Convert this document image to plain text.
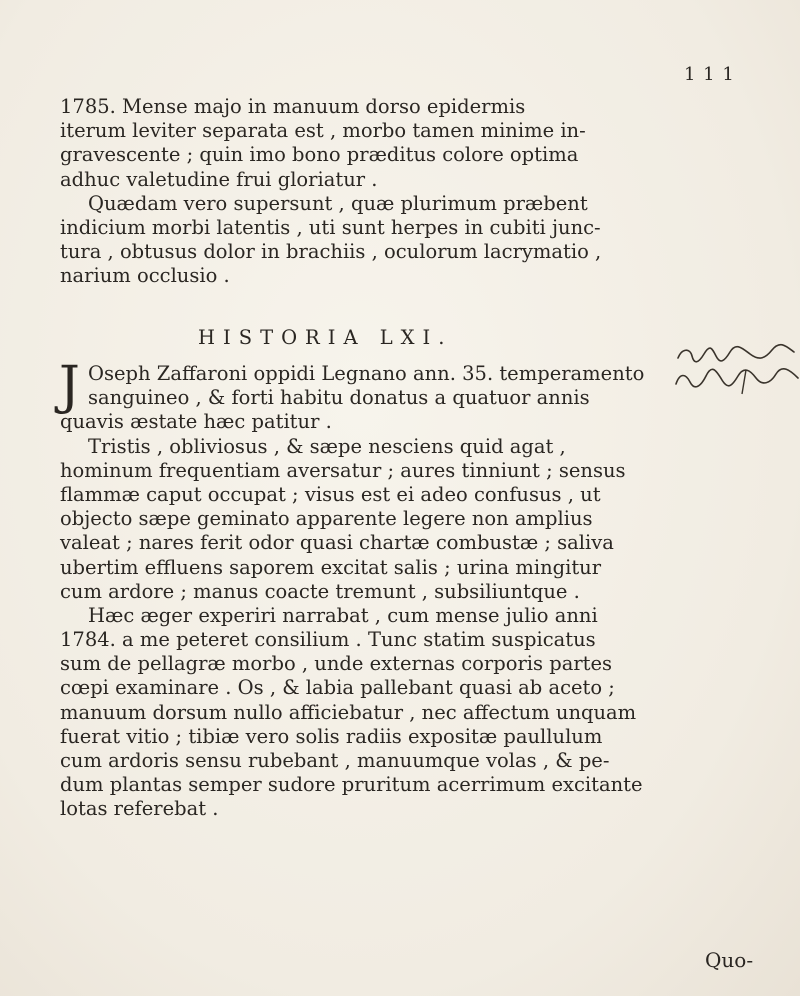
1 1 1
1785. Mense majo in manuum dorso epidermis
iterum leviter separata est , morbo tamen minime in-
gravescente ; quin imo bono præditus colore optima
adhuc valetudine frui gloriatur .
Quædam vero supersunt , quæ plurimum præbent
indicium morbi latentis , uti sunt herpes in cubiti junc-
tura , obtusus dolor in brachiis , oculorum lacrymatio ,
narium occlusio .
HISTORIA LXI.
J Oseph Zaffaroni oppidi Legnano ann. 35. temperamento
sanguineo , & forti habitu donatus a quatuor annis
quavis æstate hæc patitur .
Tristis , obliviosus , & sæpe nesciens quid agat ,
hominum frequentiam aversatur ; aures tinniunt ; sensus
flammæ caput occupat ; visus est ei adeo confusus , ut
objecto sæpe geminato apparente legere non amplius
valeat ; nares ferit odor quasi chartæ combustæ ; saliva
ubertim effluens saporem excitat salis ; urina mingitur
cum ardore ; manus coacte tremunt , subsiliuntque .
Hæc æger experiri narrabat , cum mense julio anni
1784. a me peteret consilium . Tunc statim suspicatus
sum de pellagræ morbo , unde externas corporis partes
cœpi examinare . Os , & labia pallebant quasi ab aceto ;
manuum dorsum nullo afficiebatur , nec affectum unquam
fuerat vitio ; tibiæ vero solis radiis expositæ paullulum
cum ardoris sensu rubebant , manuumque volas , & pe-
dum plantas semper sudore pruritum acerrimum excitante
lotas referebat .
Quo-
